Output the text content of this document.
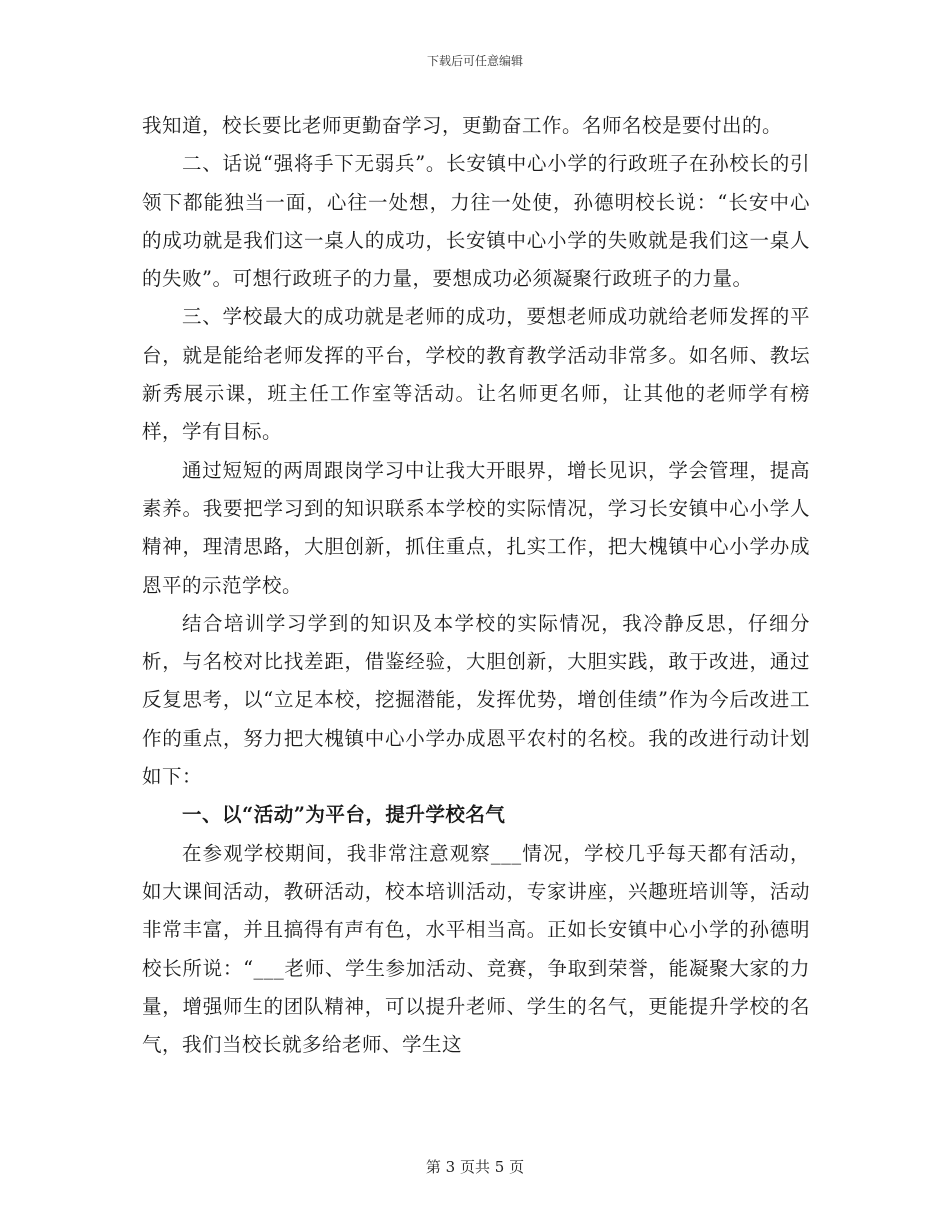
下载后可任意编辑

我知道，校长要比老师更勤奋学习，更勤奋工作。名师名校是要付出的。

二、话说“强将手下无弱兵”。长安镇中心小学的行政班子在孙校长的引领下都能独当一面，心往一处想，力往一处使，孙德明校长说：“长安中心的成功就是我们这一桌人的成功，长安镇中心小学的失败就是我们这一桌人的失败”。可想行政班子的力量，要想成功必须凝聚行政班子的力量。

三、学校最大的成功就是老师的成功，要想老师成功就给老师发挥的平台，就是能给老师发挥的平台，学校的教育教学活动非常多。如名师、教坛新秀展示课，班主任工作室等活动。让名师更名师，让其他的老师学有榜样，学有目标。

通过短短的两周跟岗学习中让我大开眼界，增长见识，学会管理，提高素养。我要把学习到的知识联系本学校的实际情况，学习长安镇中心小学人精神，理清思路，大胆创新，抓住重点，扎实工作，把大槐镇中心小学办成恩平的示范学校。

结合培训学习学到的知识及本学校的实际情况，我冷静反思，仔细分析，与名校对比找差距，借鉴经验，大胆创新，大胆实践，敢于改进，通过反复思考，以“立足本校，挖掘潜能，发挥优势，增创佳绩”作为今后改进工作的重点，努力把大槐镇中心小学办成恩平农村的名校。我的改进行动计划如下：

一、以“活动”为平台，提升学校名气

在参观学校期间，我非常注意观察___情况，学校几乎每天都有活动，如大课间活动，教研活动，校本培训活动，专家讲座，兴趣班培训等，活动非常丰富，并且搞得有声有色，水平相当高。正如长安镇中心小学的孙德明校长所说：“___老师、学生参加活动、竞赛，争取到荣誉，能凝聚大家的力量，增强师生的团队精神，可以提升老师、学生的名气，更能提升学校的名气，我们当校长就多给老师、学生这

第 3 页共 5 页
